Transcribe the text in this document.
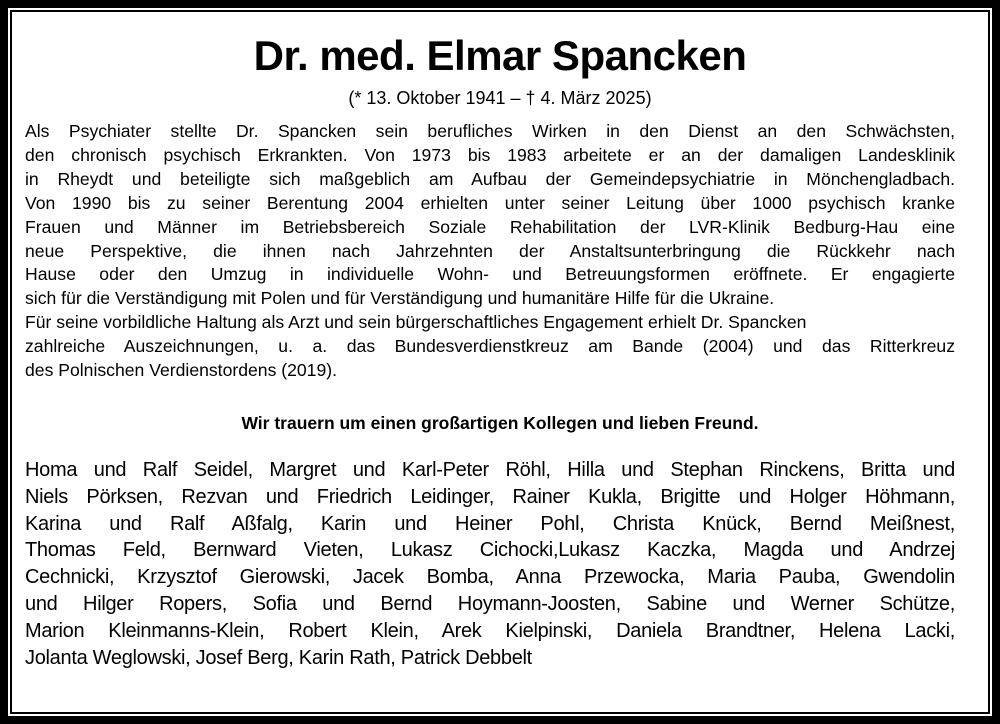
Dr. med. Elmar Spancken
(* 13. Oktober 1941 – † 4. März 2025)
Als Psychiater stellte Dr. Spancken sein berufliches Wirken in den Dienst an den Schwächsten,
den chronisch psychisch Erkrankten. Von 1973 bis 1983 arbeitete er an der damaligen Landesklinik
in Rheydt und beteiligte sich maßgeblich am Aufbau der Gemeindepsychiatrie in Mönchengladbach.
Von 1990 bis zu seiner Berentung 2004 erhielten unter seiner Leitung über 1000 psychisch kranke
Frauen und Männer im Betriebsbereich Soziale Rehabilitation der LVR-Klinik Bedburg-Hau eine
neue Perspektive, die ihnen nach Jahrzehnten der Anstaltsunterbringung die Rückkehr nach
Hause oder den Umzug in individuelle Wohn- und Betreuungsformen eröffnete. Er engagierte
sich für die Verständigung mit Polen und für Verständigung und humanitäre Hilfe für die Ukraine.
Für seine vorbildliche Haltung als Arzt und sein bürgerschaftliches Engagement erhielt Dr. Spancken
zahlreiche Auszeichnungen, u. a. das Bundesverdienstkreuz am Bande (2004) und das Ritterkreuz
des Polnischen Verdienstordens (2019).
Wir trauern um einen großartigen Kollegen und lieben Freund.
Homa und Ralf Seidel, Margret und Karl-Peter Röhl, Hilla und Stephan Rinckens, Britta und
Niels Pörksen, Rezvan und Friedrich Leidinger, Rainer Kukla, Brigitte und Holger Höhmann,
Karina und Ralf Aßfalg, Karin und Heiner Pohl, Christa Knück, Bernd Meißnest,
Thomas Feld, Bernward Vieten, Lukasz Cichocki,Lukasz Kaczka, Magda und Andrzej
Cechnicki, Krzysztof Gierowski, Jacek Bomba, Anna Przewocka, Maria Pauba, Gwendolin
und Hilger Ropers, Sofia und Bernd Hoymann-Joosten, Sabine und Werner Schütze,
Marion Kleinmanns-Klein, Robert Klein, Arek Kielpinski, Daniela Brandtner, Helena Lacki,
Jolanta Weglowski, Josef Berg, Karin Rath, Patrick Debbelt
